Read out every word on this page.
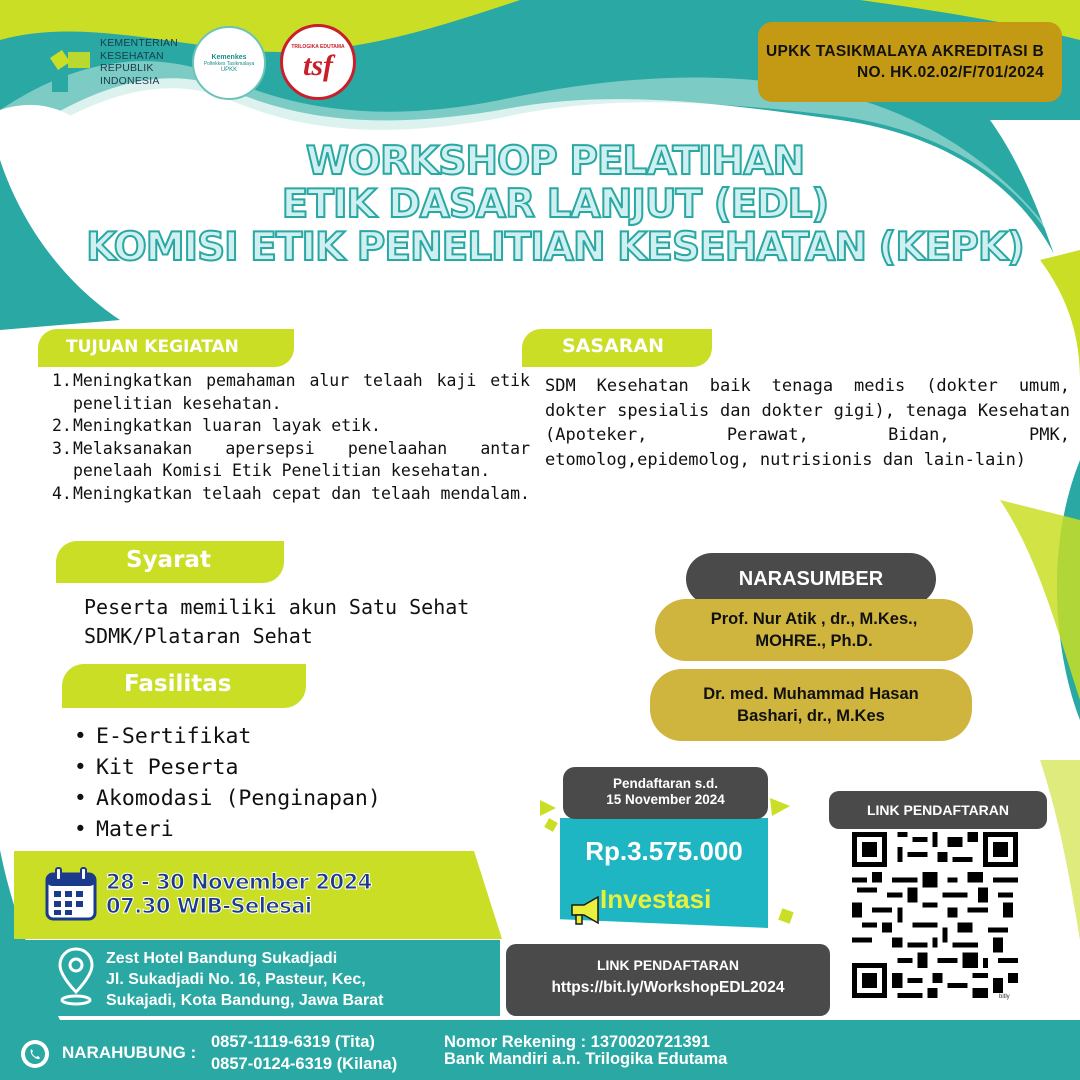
KEMENTERIAN
KESEHATAN
REPUBLIK
INDONESIA
Kemenkes
Poltekkes Tasikmalaya
UPKK
TRILOGIKA EDUTAMA
tsf	UPKK TASIKMALAYA AKREDITASI B
NO. HK.02.02/F/701/2024
WORKSHOP PELATIHAN
ETIK DASAR LANJUT (EDL)
KOMISI ETIK PENELITIAN KESEHATAN (KEPK)
TUJUAN KEGIATAN
1. Meningkatkan pemahaman alur telaah kaji etik penelitian kesehatan.
2. Meningkatkan luaran layak etik.
3. Melaksanakan apersepsi penelaahan antar penelaah Komisi Etik Penelitian kesehatan.
4. Meningkatkan telaah cepat dan telaah mendalam.
SASARAN
SDM Kesehatan baik tenaga medis (dokter umum, dokter spesialis dan dokter gigi), tenaga Kesehatan (Apoteker, Perawat, Bidan, PMK, etomolog,epidemolog, nutrisionis dan lain-lain)
Syarat
Peserta memiliki akun Satu Sehat
SDMK/Plataran Sehat
Fasilitas
• E-Sertifikat
• Kit Peserta
• Akomodasi (Penginapan)
• Materi
NARASUMBER
Prof. Nur Atik , dr., M.Kes.,
MOHRE., Ph.D.
Dr. med. Muhammad Hasan
Bashari, dr., M.Kes
28 - 30 November 2024
07.30 WIB-Selesai
Zest Hotel Bandung Sukadjadi
Jl. Sukadjadi No. 16, Pasteur, Kec,
Sukajadi, Kota Bandung, Jawa Barat
Pendaftaran s.d.
15 November 2024
Rp.3.575.000
Investasi
LINK PENDAFTARAN
https://bit.ly/WorkshopEDL2024
LINK PENDAFTARAN
bitly
NARAHUBUNG :
0857-1119-6319 (Tita)
0857-0124-6319 (Kilana)
Nomor Rekening : 1370020721391
Bank Mandiri a.n. Trilogika Edutama
